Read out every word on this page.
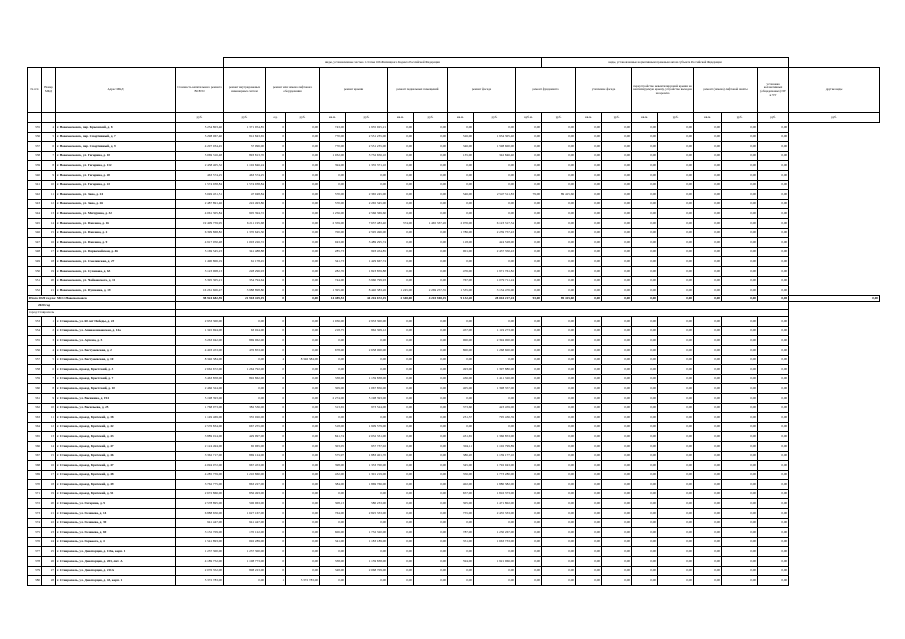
				виды, установленные частью 1 статьи 166 Жилищного Кодекса Российской Федерации										виды, установленные нормативным правовым актом субъекта Российской Федерации								
№ п/п	Номер МКД	Адрес МКД	Стоимость капитального ремонта ВСЕГО	ремонт внутридомовых инженерных систем	ремонт или замена лифтового оборудования		ремонт крыши		ремонт подвальных помещений		ремонт фасада		ремонт фундамента		утепление фасада		переустройство невентилируемой крыши на вентилируемую крышу, устройство выходов на кровлю		ремонт (замена) лифтовой шахты		установка коллективных (общедомовых) ПУ и УУ	другие виды
			руб.	руб.	ед.	руб.	кв.м.	руб.	кв.м.	руб.	кв.м.	руб.	куб.м.	руб.	кв.м.	руб.	кв.м.	руб.	кв.м.	руб.	руб.	руб.
335	4	г. Новомосковск, пер. Крымский, д. 8	5 234 803,40	1 371 954,85	0	0,00	743,00	1 935 925,21	0,00	0,00	0,00	0,00	0,00	0,00	0,00	0,00	0,00	0,00	0,00	0,00	0,00	
336	5	г. Новомосковск, пер. Спортивный, д. 7	5 298 067,40	812 843,65	0	0,00	770,00	2 551 235,00	0,00	0,00	526,00	1 934 305,40	0,00	0,00	0,00	0,00	0,00	0,00	0,00	0,00	0,00	
337	6	г. Новомосковск, пер. Спортивный, д. 9	4 207 034,45	57 096,00	0	0,00	770,00	2 551 235,00	0,00	0,00	346,00	1 598 600,00	0,00	0,00	0,00	0,00	0,00	0,00	0,00	0,00	0,00	
338	7	г. Новомосковск, ул. Гагарина, д. 10	5 069 316,48	893 813,70	0	0,00	1 032,00	3 732 656,10	0,00	0,00	135,00	342 846,40	0,00	0,00	0,00	0,00	0,00	0,00	0,00	0,00	0,00	
339	8	г. Новомосковск, ул. Гагарина, д. 112	2 438 405,32	1 102 846,24	0	0,00	394,00	1 335 371,10	0,00	0,00	0,00	0,00	0,00	0,00	0,00	0,00	0,00	0,00	0,00	0,00	0,00	
340	9	г. Новомосковск, ул. Гагарина, д. 20	463 574,25	463 574,25	0	0,00	0,00	0,00	0,00	0,00	0,00	0,00	0,00	0,00	0,00	0,00	0,00	0,00	0,00	0,00	0,00	
341	10	г. Новомосковск, ул. Гагарина, д. 22	1 574 938,84	1 574 938,84	0	0,00	0,00	0,00	0,00	0,00	0,00	0,00	0,00	0,00	0,00	0,00	0,00	0,00	0,00	0,00	0,00	
342	11	г. Новомосковск, ул. Заяо, д. 24	5 049 451,51	47 948,84	0	0,00	570,00	2 365 245,00	0,00	0,00	546,00	2 547 511,83	79,00	89 415,60	0,00	0,00	0,00	0,00	0,00	0,00	0,00	
343	12	г. Новомосковск, ул. Заяо, д. 26	2 487 891,46	222 493,86	0	0,00	570,00	2 265 345,00	0,00	0,00	0,00	0,00	0,00	0,00	0,00	0,00	0,00	0,00	0,00	0,00	0,00	
344	13	г. Новомосковск, ул. Мичурина, д. 32	4 061 305,84	905 394,72	0	0,00	1 256,00	2 566 369,60	0,00	0,00	0,00	0,00	0,00	0,00	0,00	0,00	0,00	0,00	0,00	0,00	0,00	
345	14	г. Новомосковск, ул. Павлова, д. 16	19 409 759,95	6 211 195,68	0	0,00	2 359,00	7 637 483,40	374,00	1 465 337,26	2 076,00	6 123 317,54	0,00	0,00	0,00	0,00	0,00	0,00	0,00	0,00	0,00	
346	15	г. Новомосковск, ул. Павлова, д. 2	6 399 868,82	1 370 645,30	0	0,00	700,00	2 595 496,00	0,00	0,00	1 786,00	2 239 757,43	0,00	0,00	0,00	0,00	0,00	0,00	0,00	0,00	0,00	
347	16	г. Новомосковск, ул. Павлова, д. 9	4 917 050,48	1 003 226,72	0	0,00	943,00	3 489 295,74	0,00	0,00	118,00	424 528,00	0,00	0,00	0,00	0,00	0,00	0,00	0,00	0,00	0,00	
348	17	г. Новомосковск, ул. Первомайская, д. 46	5 169 545,23	341 488,88	0	0,00	285,73	993 454,85	0,00	0,00	901,00	2 437 350,43	0,00	0,00	0,00	0,00	0,00	0,00	0,00	0,00	0,00	
349	18	г. Новомосковск, ул. Смоленская, д. 27	1 490 806,19	61 178,45	0	0,00	341,73	1 429 667,74	0,00	0,00	0,00	0,00	0,00	0,00	0,00	0,00	0,00	0,00	0,00	0,00	0,00	
350	19	г. Новомосковск, ул. Суханова, д. 63	3 123 908,13	228 296,93	0	0,00	282,76	1 823 859,88	0,00	0,00	476,00	1 971 761,82	0,00	0,00	0,00	0,00	0,00	0,00	0,00	0,00	0,00	
351	20	г. Новомосковск, ул. Чайковского, д. 11	5 395 305,21	354 794,64	0	0,00	744,00	3 960 799,93	0,00	0,00	767,00	1 079 711,24	0,00	0,00	0,00	0,00	0,00	0,00	0,00	0,00	0,00	
352	21	г. Новомосковск, ул. Пушкина, д. 19	16 261 606,47	3 988 898,80	0	0,00	1 395,00	8 440 383,26	1 245,00	2 269 257,35	1 535,00	3 134 476,00	0,00	0,00	0,00	0,00	0,00	0,00	0,00	0,00	0,00	
Итого 2020 год по: МО г.Новомосковск			98 924 682,59	21 918 429,19	0	0,00	14 489,53	44 216 672,19	2 348,00	4 210 948,19	9 132,20	28 044 217,24	93,00	89 415,60	0,00	0,00	0,00	0,00	0,00	0,00	0,00	0,00
2020 год																						
город Ставрополь																						
353	1	г. Ставрополь, ул. 60 лет Победы, д. 23	2 933 300,00	0,00	0	0,00	1 036,00	2 933 300,00	0,00	0,00	0,00	0,00	0,00	0,00	0,00	0,00	0,00	0,00	0,00	0,00	0,00	
354	2	г. Ставрополь, ул. Апанасенковская, д. 14а	1 345 694,00	63 024,00	0	0,00	218,75	862 309,12	0,00	0,00	457,00	1 119 273,00	0,00	0,00	0,00	0,00	0,00	0,00	0,00	0,00	0,00	
355	3	г. Ставрополь, ул. Артема, д. 5	3 263 942,00	869 962,00	0	0,00	0,00	0,00	0,00	0,00	900,00	2 394 000,00	0,00	0,00	0,00	0,00	0,00	0,00	0,00	0,00	0,00	
356	4	г. Ставрополь, ул. Бестужевская, д. 2	4 403 453,00	476 853,00	0	0,00	678,00	2 658 000,00	0,00	0,00	800,00	1 268 600,00	0,00	0,00	0,00	0,00	0,00	0,00	0,00	0,00	0,00	
357	5	г. Ставрополь, ул. Бестужевская, д. 10	8 346 384,00	0,00	4	8 346 384,00	0,00	0,00	0,00	0,00	0,00	0,00	0,00	0,00	0,00	0,00	0,00	0,00	0,00	0,00	0,00	
358	6	г. Ставрополь, проезд, Брестский, д. 3	2 662 672,00	1 264 792,00	0	0,00	0,00	0,00	0,00	0,00	493,00	1 397 880,00	0,00	0,00	0,00	0,00	0,00	0,00	0,00	0,00	0,00	
359	7	г. Ставрополь, проезд, Брестский, д. 7	3 463 858,00	892 862,00	0	0,00	338,00	1 159 838,00	0,00	0,00	436,00	1 411 326,00	0,00	0,00	0,00	0,00	0,00	0,00	0,00	0,00	0,00	
360	8	г. Ставрополь, проезд, Брестский, д. 10	2 466 324,00	0,00	0	0,00	309,00	1 067 856,00	0,00	0,00	405,00	1 398 357,00	0,00	0,00	0,00	0,00	0,00	0,00	0,00	0,00	0,00	
361	9	г. Ставрополь, ул. Васякина, д. 194	5 198 393,00	0,00	0	0,00	2 274,00	5 198 393,00	0,00	0,00	0,00	0,00	0,00	0,00	0,00	0,00	0,00	0,00	0,00	0,00	0,00	
362	10	г. Ставрополь, ул. Васильева, д. 25	1 768 973,00	382 536,00	0	0,00	313,65	973 524,00	0,00	0,00	373,60	423 459,00	0,00	0,00	0,00	0,00	0,00	0,00	0,00	0,00	0,00	
363	11	г. Ставрополь, проезд, Братский, д. 38	1 149 469,00	355 026,00	0	0,00	0,00	0,00	0,00	0,00	231,37	795 436,39	0,00	0,00	0,00	0,00	0,00	0,00	0,00	0,00	0,00	
364	12	г. Ставрополь, проезд, Братский, д. 42	2 576 834,00	667 255,00	0	0,00	518,00	1 909 579,00	0,00	0,00	0,00	0,00	0,00	0,00	0,00	0,00	0,00	0,00	0,00	0,00	0,00	
365	13	г. Ставрополь, проезд, Братский, д. 43	3 889 014,00	429 997,00	0	0,00	841,74	2 032 331,00	0,00	0,00	431,65	1 366 853,00	0,00	0,00	0,00	0,00	0,00	0,00	0,00	0,00	0,00	
366	14	г. Ставрополь, проезд, Братский, д. 47	2 124 494,00	65 965,00	0	0,00	303,05	957 737,02	0,00	0,00	304,11	1 102 799,89	0,00	0,00	0,00	0,00	0,00	0,00	0,00	0,00	0,00	
367	15	г. Ставрополь, проезд, Братский, д. 46	3 362 717,00	869 124,00	0	0,00	575,97	1 883 401,70	0,00	0,00	386,20	1 139 177,10	0,00	0,00	0,00	0,00	0,00	0,00	0,00	0,00	0,00	
368	16	г. Ставрополь, проезд, Братский, д. 47	4 094 072,00	967 453,00	0	0,00	398,00	1 333 700,00	0,00	0,00	345,00	1 792 943,00	0,00	0,00	0,00	0,00	0,00	0,00	0,00	0,00	0,00	
369	17	г. Ставрополь, проезд, Братский, д. 48	4 285 759,00	1 210 860,00	0	0,00	432,00	1 301 219,00	0,00	0,00	356,00	1 773 280,00	0,00	0,00	0,00	0,00	0,00	0,00	0,00	0,00	0,00	
370	18	г. Ставрополь, проезд, Братский, д. 49	3 762 775,00	863 227,00	0	0,00	384,00	1 869 766,00	0,00	0,00	402,00	1 880 382,00	0,00	0,00	0,00	0,00	0,00	0,00	0,00	0,00	0,00	
371	19	г. Ставрополь, проезд, Братский, д. 51	2 672 866,00	856 493,00	0	0,00	0,00	0,00	0,00	0,00	657,00	1 816 373,00	0,00	0,00	0,00	0,00	0,00	0,00	0,00	0,00	0,00	
372	20	г. Ставрополь, ул. Гагарина, д. 9	2 578 895,00	506 963,00	0	0,00	308,13	580 233,00	0,00	0,00	305,00	1 471 802,00	0,00	0,00	0,00	0,00	0,00	0,00	0,00	0,00	0,00	
373	21	г. Ставрополь, ул. Голенева, д. 14	6 888 656,00	1 627 167,00	0	0,00	764,00	2 825 333,00	0,00	0,00	755,00	2 435 333,00	0,00	0,00	0,00	0,00	0,00	0,00	0,00	0,00	0,00	
374	22	г. Ставрополь, ул. Голенева, д. 39	941 447,00	941 447,00	0	0,00	0,00	0,00	0,00	0,00	0,00	0,00	0,00	0,00	0,00	0,00	0,00	0,00	0,00	0,00	0,00	
375	23	г. Ставрополь, ул. Голенева, д. 69	3 132 709,00	170 122,00	0	0,00	606,00	1 732 320,00	0,00	0,00	787,00	1 230 267,00	0,00	0,00	0,00	0,00	0,00	0,00	0,00	0,00	0,00	
376	24	г. Ставрополь, ул. Горького, д. 4	1 541 893,00	692 289,00	0	0,00	341,00	1 183 189,00	0,00	0,00	351,00	1 663 733,00	0,00	0,00	0,00	0,00	0,00	0,00	0,00	0,00	0,00	
377	25	г. Ставрополь, ул. Доваторцев, д. 116а, корп. 1	1 237 300,00	1 237 300,00	0	0,00	0,00	0,00	0,00	0,00	0,00	0,00	0,00	0,00	0,00	0,00	0,00	0,00	0,00	0,00	0,00	
378	26	г. Ставрополь, ул. Доваторцев, д. 203, лит. А	4 189 752,00	1 108 773,00	0	0,00	338,00	1 159 838,00	0,00	0,00	594,00	1 921 966,00	0,00	0,00	0,00	0,00	0,00	0,00	0,00	0,00	0,00	
379	27	г. Ставрополь, ул. Доваторцев, д. 211А	2 076 352,00	808 223,00	0	0,00	348,00	2 068 709,00	0,00	0,00	0,00	0,00	0,00	0,00	0,00	0,00	0,00	0,00	0,00	0,00	0,00	
380	28	г. Ставрополь, ул. Доваторцев, д. 43, корп. 1	5 372 783,00	0,00	1	5 372 783,00	0,00	0,00	0,00	0,00	0,00	0,00	0,00	0,00	0,00	0,00	0,00	0,00	0,00	0,00	0,00	
